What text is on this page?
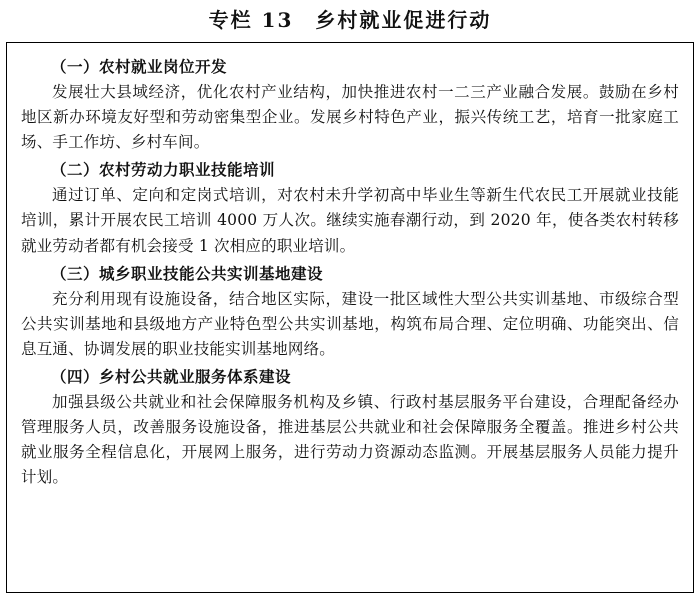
专栏 13　乡村就业促进行动
（一）农村就业岗位开发
发展壮大县域经济，优化农村产业结构，加快推进农村一二三产业融合发展。鼓励在乡村地区新办环境友好型和劳动密集型企业。发展乡村特色产业，振兴传统工艺，培育一批家庭工场、手工作坊、乡村车间。
（二）农村劳动力职业技能培训
通过订单、定向和定岗式培训，对农村未升学初高中毕业生等新生代农民工开展就业技能培训，累计开展农民工培训 4000 万人次。继续实施春潮行动，到 2020 年，使各类农村转移就业劳动者都有机会接受 1 次相应的职业培训。
（三）城乡职业技能公共实训基地建设
充分利用现有设施设备，结合地区实际，建设一批区域性大型公共实训基地、市级综合型公共实训基地和县级地方产业特色型公共实训基地，构筑布局合理、定位明确、功能突出、信息互通、协调发展的职业技能实训基地网络。
（四）乡村公共就业服务体系建设
加强县级公共就业和社会保障服务机构及乡镇、行政村基层服务平台建设，合理配备经办管理服务人员，改善服务设施设备，推进基层公共就业和社会保障服务全覆盖。推进乡村公共就业服务全程信息化，开展网上服务，进行劳动力资源动态监测。开展基层服务人员能力提升计划。
